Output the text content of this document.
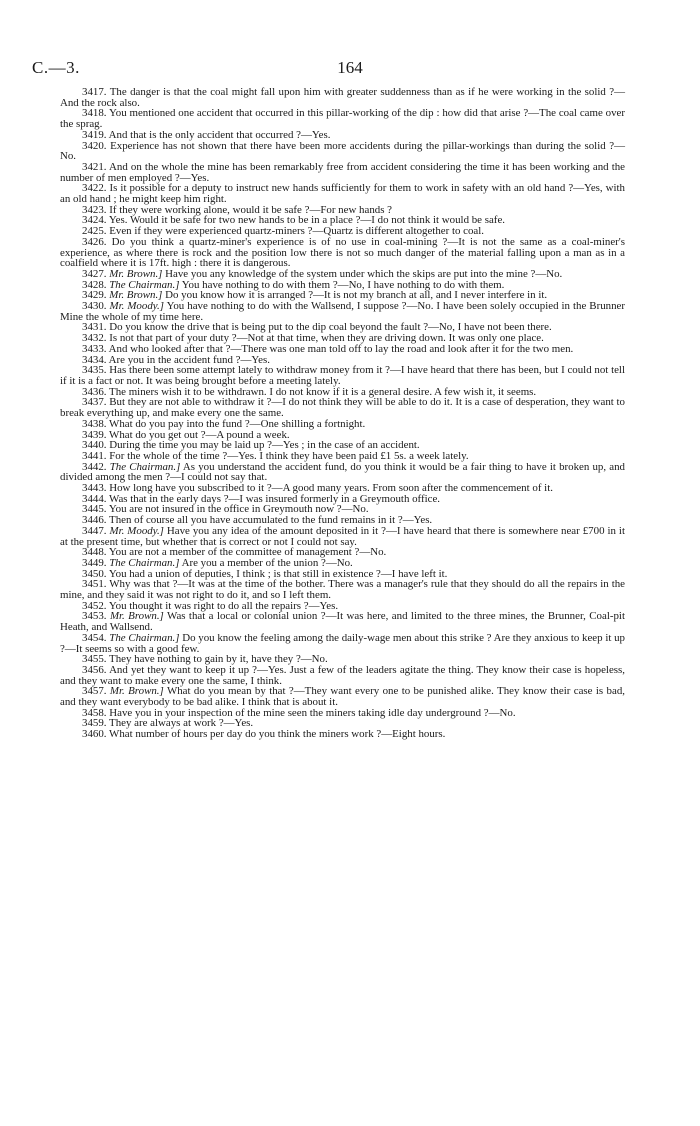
C.—3.	164

3417. The danger is that the coal might fall upon him with greater suddenness than as if he were working in the solid ?—And the rock also.

3418. You mentioned one accident that occurred in this pillar-working of the dip : how did that arise ?—The coal came over the sprag.

3419. And that is the only accident that occurred ?—Yes.

3420. Experience has not shown that there have been more accidents during the pillar-workings than during the solid ?—No.

3421. And on the whole the mine has been remarkably free from accident considering the time it has been working and the number of men employed ?—Yes.

3422. Is it possible for a deputy to instruct new hands sufficiently for them to work in safety with an old hand ?—Yes, with an old hand ; he might keep him right.

3423. If they were working alone, would it be safe ?—For new hands ?

3424. Yes. Would it be safe for two new hands to be in a place ?—I do not think it would be safe.

2425. Even if they were experienced quartz-miners ?—Quartz is different altogether to coal.

3426. Do you think a quartz-miner's experience is of no use in coal-mining ?—It is not the same as a coal-miner's experience, as where there is rock and the position low there is not so much danger of the material falling upon a man as in a coalfield where it is 17ft. high : there it is dangerous.

3427. Mr. Brown.] Have you any knowledge of the system under which the skips are put into the mine ?—No.

3428. The Chairman.] You have nothing to do with them ?—No, I have nothing to do with them.

3429. Mr. Brown.] Do you know how it is arranged ?—It is not my branch at all, and I never interfere in it.

3430. Mr. Moody.] You have nothing to do with the Wallsend, I suppose ?—No. I have been solely occupied in the Brunner Mine the whole of my time here.

3431. Do you know the drive that is being put to the dip coal beyond the fault ?—No, I have not been there.

3432. Is not that part of your duty ?—Not at that time, when they are driving down. It was only one place.

3433. And who looked after that ?—There was one man told off to lay the road and look after it for the two men.

3434. Are you in the accident fund ?—Yes.

3435. Has there been some attempt lately to withdraw money from it ?—I have heard that there has been, but I could not tell if it is a fact or not. It was being brought before a meeting lately.

3436. The miners wish it to be withdrawn. I do not know if it is a general desire. A few wish it, it seems.

3437. But they are not able to withdraw it ?—I do not think they will be able to do it. It is a case of desperation, they want to break everything up, and make every one the same.

3438. What do you pay into the fund ?—One shilling a fortnight.

3439. What do you get out ?—A pound a week.

3440. During the time you may be laid up ?—Yes ; in the case of an accident.

3441. For the whole of the time ?—Yes. I think they have been paid £1 5s. a week lately.

3442. The Chairman.] As you understand the accident fund, do you think it would be a fair thing to have it broken up, and divided among the men ?—I could not say that.

3443. How long have you subscribed to it ?—A good many years. From soon after the commencement of it.

3444. Was that in the early days ?—I was insured formerly in a Greymouth office.

3445. You are not insured in the office in Greymouth now ?—No.

3446. Then of course all you have accumulated to the fund remains in it ?—Yes.

3447. Mr. Moody.] Have you any idea of the amount deposited in it ?—I have heard that there is somewhere near £700 in it at the present time, but whether that is correct or not I could not say.

3448. You are not a member of the committee of management ?—No.

3449. The Chairman.] Are you a member of the union ?—No.

3450. You had a union of deputies, I think ; is that still in existence ?—I have left it.

3451. Why was that ?—It was at the time of the bother. There was a manager's rule that they should do all the repairs in the mine, and they said it was not right to do it, and so I left them.

3452. You thought it was right to do all the repairs ?—Yes.

3453. Mr. Brown.] Was that a local or colonial union ?—It was here, and limited to the three mines, the Brunner, Coal-pit Heath, and Wallsend.

3454. The Chairman.] Do you know the feeling among the daily-wage men about this strike ? Are they anxious to keep it up ?—It seems so with a good few.

3455. They have nothing to gain by it, have they ?—No.

3456. And yet they want to keep it up ?—Yes. Just a few of the leaders agitate the thing. They know their case is hopeless, and they want to make every one the same, I think.

3457. Mr. Brown.] What do you mean by that ?—They want every one to be punished alike. They know their case is bad, and they want everybody to be bad alike. I think that is about it.

3458. Have you in your inspection of the mine seen the miners taking idle day underground ?—No.

3459. They are always at work ?—Yes.

3460. What number of hours per day do you think the miners work ?—Eight hours.
